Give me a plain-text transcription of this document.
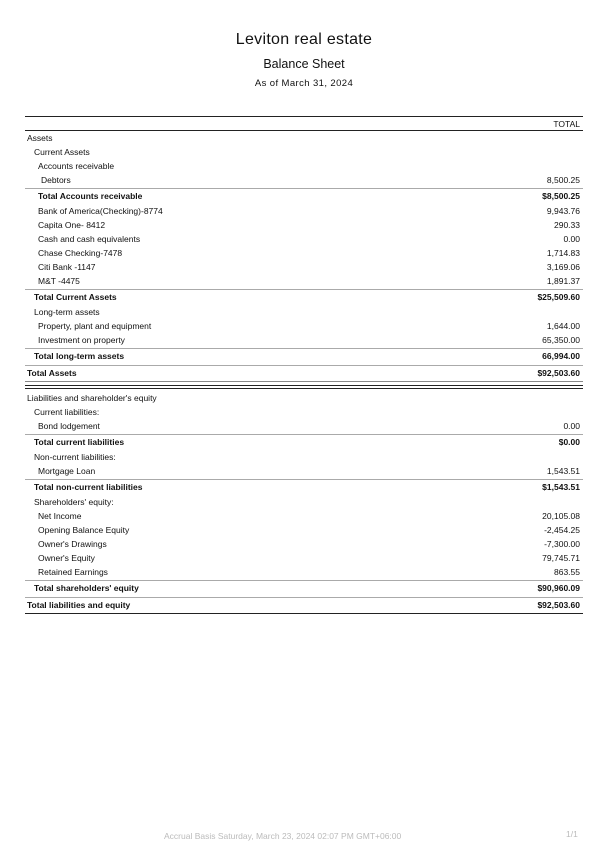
Leviton real estate
Balance Sheet
As of March 31, 2024
TOTAL
Assets
Current Assets
Accounts receivable
Debtors	8,500.25
Total Accounts receivable	$8,500.25
Bank of America(Checking)-8774	9,943.76
Capita One- 8412	290.33
Cash and cash equivalents	0.00
Chase Checking-7478	1,714.83
Citi Bank -1147	3,169.06
M&T -4475	1,891.37
Total Current Assets	$25,509.60
Long-term assets
Property, plant and equipment	1,644.00
Investment on property	65,350.00
Total long-term assets	66,994.00
Total Assets	$92,503.60
Liabilities and shareholder's equity
Current liabilities:
Bond lodgement	0.00
Total current liabilities	$0.00
Non-current liabilities:
Mortgage Loan	1,543.51
Total non-current liabilities	$1,543.51
Shareholders' equity:
Net Income	20,105.08
Opening Balance Equity	-2,454.25
Owner's Drawings	-7,300.00
Owner's Equity	79,745.71
Retained Earnings	863.55
Total shareholders' equity	$90,960.09
Total liabilities and equity	$92,503.60
Accrual Basis Saturday, March 23, 2024 02:07 PM GMT+06:00	1/1
